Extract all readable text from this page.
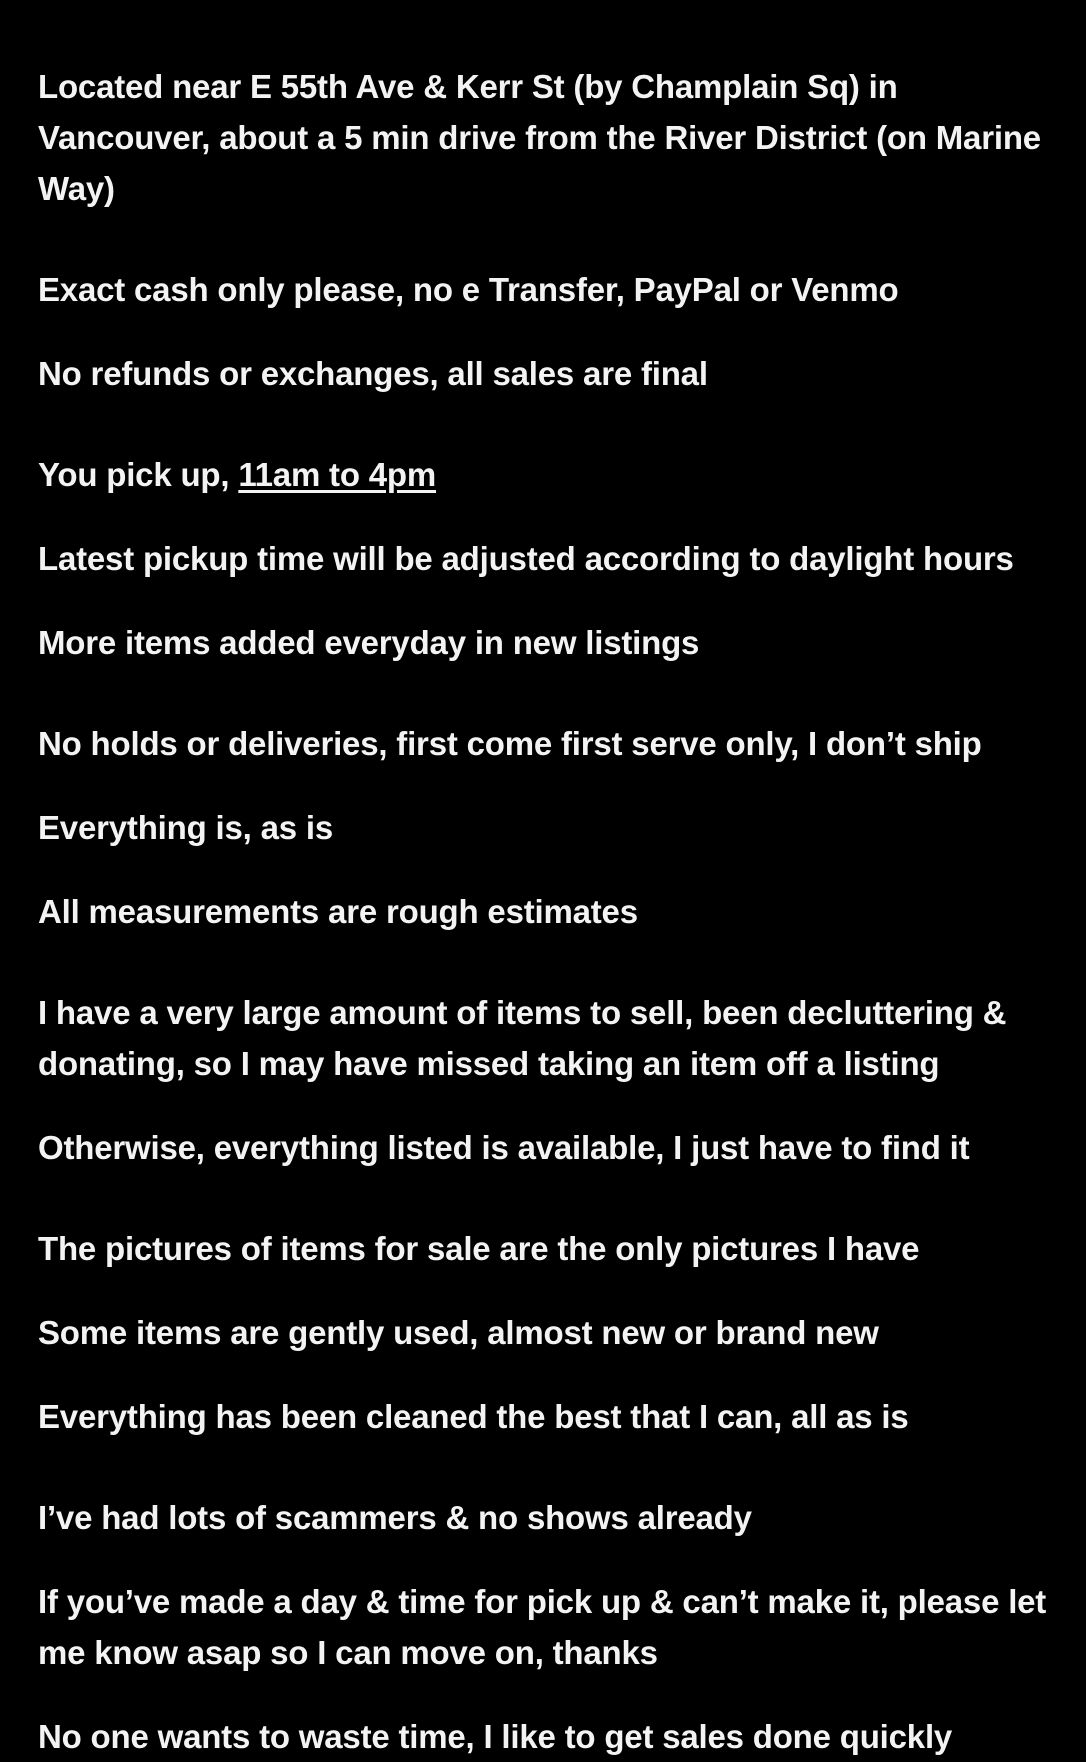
Located near E 55th Ave & Kerr St (by Champlain Sq) in Vancouver, about a 5 min drive from the River District (on Marine Way)

Exact cash only please, no e Transfer, PayPal or Venmo

No refunds or exchanges, all sales are final

You pick up, 11am to 4pm

Latest pickup time will be adjusted according to daylight hours

More items added everyday in new listings

No holds or deliveries, first come first serve only, I don’t ship

Everything is, as is

All measurements are rough estimates

I have a very large amount of items to sell, been decluttering & donating, so I may have missed taking an item off a listing

Otherwise, everything listed is available, I just have to find it

The pictures of items for sale are the only pictures I have

Some items are gently used, almost new or brand new

Everything has been cleaned the best that I can, all as is

I’ve had lots of scammers & no shows already

If you’ve made a day & time for pick up & can’t make it, please let me know asap so I can move on, thanks

No one wants to waste time, I like to get sales done quickly
